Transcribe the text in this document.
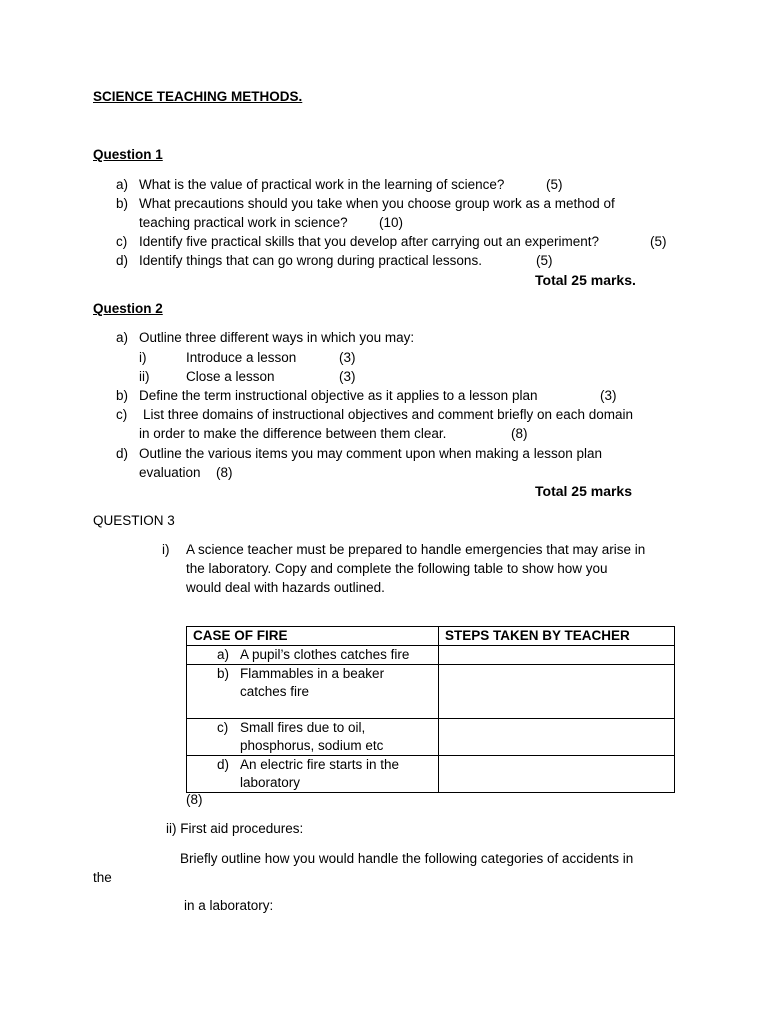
SCIENCE TEACHING METHODS.
Question 1
a) What is the value of practical work in the learning of science?	(5)
b) What precautions should you take when you choose group work as a method of
teaching practical work in science? (10)
c) Identify five practical skills that you develop after carrying out an experiment?	(5)
d) Identify things that can go wrong during practical lessons.	(5)
Total 25 marks.
Question 2
a) Outline three different ways in which you may:
i)	Introduce a lesson	(3)
ii)	Close a lesson	(3)
b) Define the term instructional objective as it applies to a lesson plan	(3)
c) List three domains of instructional objectives and comment briefly on each domain
in order to make the difference between them clear.	(8)
d) Outline the various items you may comment upon when making a lesson plan
evaluation (8)
Total 25 marks
QUESTION 3
i) A science teacher must be prepared to handle emergencies that may arise in
the laboratory. Copy and complete the following table to show how you
would deal with hazards outlined.
CASE OF FIRE	STEPS TAKEN BY TEACHER

a) A pupil’s clothes catches fire	

b) Flammables in a beaker catches fire	

c) Small fires due to oil, phosphorus, sodium etc	

d) An electric fire starts in the laboratory	

(8)
ii) First aid procedures:
Briefly outline how you would handle the following categories of accidents in
the
in a laboratory:
